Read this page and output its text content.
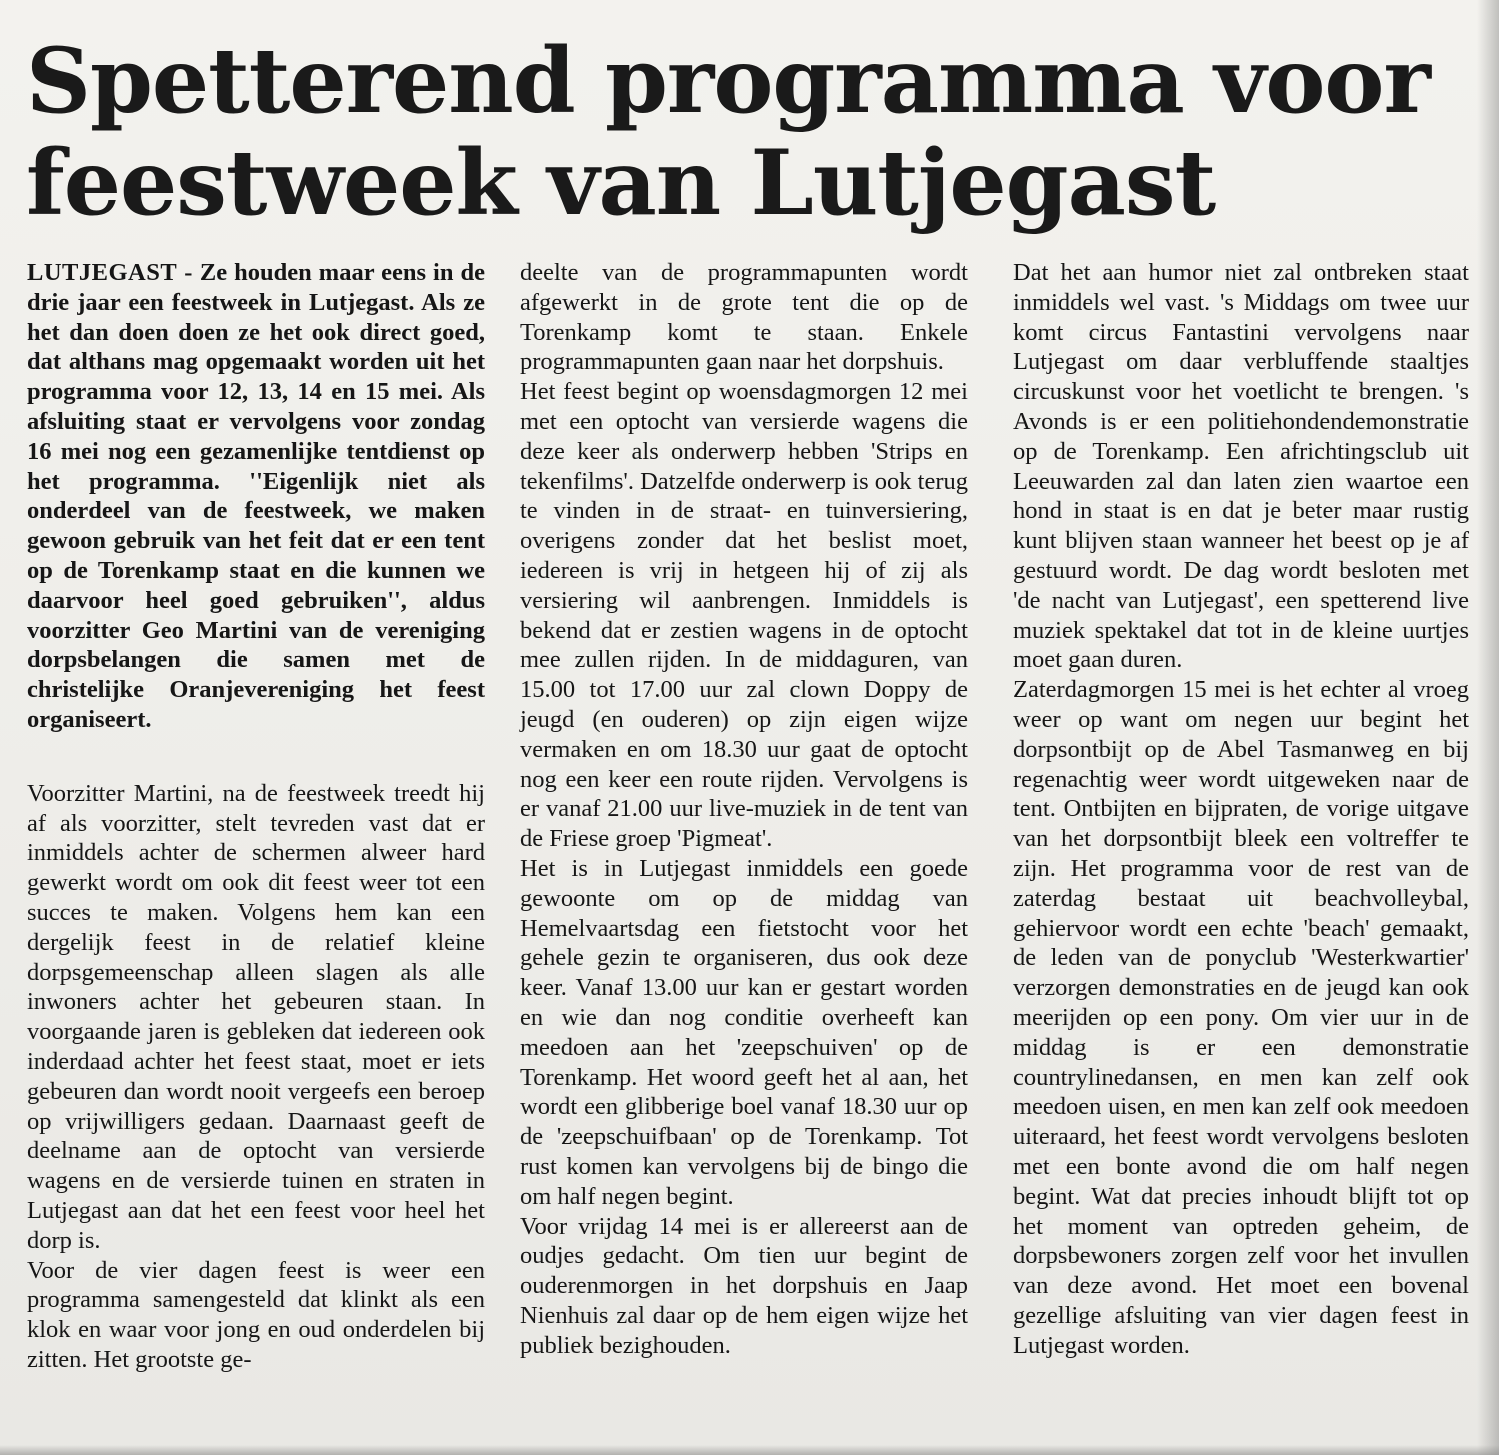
Spetterend programma voor
feestweek van Lutjegast

LUTJEGAST - Ze houden maar eens in de drie jaar een feestweek in Lutjegast. Als ze het dan doen doen ze het ook direct goed, dat althans mag opgemaakt worden uit het programma voor 12, 13, 14 en 15 mei. Als afsluiting staat er vervolgens voor zondag 16 mei nog een gezamenlijke tentdienst op het programma. ''Eigenlijk niet als onderdeel van de feestweek, we maken gewoon gebruik van het feit dat er een tent op de Torenkamp staat en die kunnen we daarvoor heel goed gebruiken'', aldus voorzitter Geo Martini van de vereniging dorpsbelangen die samen met de christelijke Oranjevereniging het feest organiseert.

Voorzitter Martini, na de feestweek treedt hij af als voorzitter, stelt tevreden vast dat er inmiddels achter de schermen alweer hard gewerkt wordt om ook dit feest weer tot een succes te maken. Volgens hem kan een dergelijk feest in de relatief kleine dorpsgemeenschap alleen slagen als alle inwoners achter het gebeuren staan. In voorgaande jaren is gebleken dat iedereen ook inderdaad achter het feest staat, moet er iets gebeuren dan wordt nooit vergeefs een beroep op vrijwilligers gedaan. Daarnaast geeft de deelname aan de optocht van versierde wagens en de versierde tuinen en straten in Lutjegast aan dat het een feest voor heel het dorp is.

Voor de vier dagen feest is weer een programma samengesteld dat klinkt als een klok en waar voor jong en oud onderdelen bij zitten. Het grootste ge-

deelte van de programmapunten wordt afgewerkt in de grote tent die op de Torenkamp komt te staan. Enkele programmapunten gaan naar het dorpshuis.

Het feest begint op woensdagmorgen 12 mei met een optocht van versierde wagens die deze keer als onderwerp hebben 'Strips en tekenfilms'. Datzelfde onderwerp is ook terug te vinden in de straat- en tuinversiering, overigens zonder dat het beslist moet, iedereen is vrij in hetgeen hij of zij als versiering wil aanbrengen. Inmiddels is bekend dat er zestien wagens in de optocht mee zullen rijden. In de middaguren, van 15.00 tot 17.00 uur zal clown Doppy de jeugd (en ouderen) op zijn eigen wijze vermaken en om 18.30 uur gaat de optocht nog een keer een route rijden. Vervolgens is er vanaf 21.00 uur live-muziek in de tent van de Friese groep 'Pigmeat'.

Het is in Lutjegast inmiddels een goede gewoonte om op de middag van Hemelvaartsdag een fietstocht voor het gehele gezin te organiseren, dus ook deze keer. Vanaf 13.00 uur kan er gestart worden en wie dan nog conditie overheeft kan meedoen aan het 'zeepschuiven' op de Torenkamp. Het woord geeft het al aan, het wordt een glibberige boel vanaf 18.30 uur op de 'zeepschuifbaan' op de Torenkamp. Tot rust komen kan vervolgens bij de bingo die om half negen begint.

Voor vrijdag 14 mei is er allereerst aan de oudjes gedacht. Om tien uur begint de ouderenmorgen in het dorpshuis en Jaap Nienhuis zal daar op de hem eigen wijze het publiek bezighouden.

Dat het aan humor niet zal ontbreken staat inmiddels wel vast. 's Middags om twee uur komt circus Fantastini vervolgens naar Lutjegast om daar verbluffende staaltjes circuskunst voor het voetlicht te brengen. 's Avonds is er een politiehondendemonstratie op de Torenkamp. Een africhtingsclub uit Leeuwarden zal dan laten zien waartoe een hond in staat is en dat je beter maar rustig kunt blijven staan wanneer het beest op je af gestuurd wordt. De dag wordt besloten met 'de nacht van Lutjegast', een spetterend live muziek spektakel dat tot in de kleine uurtjes moet gaan duren.

Zaterdagmorgen 15 mei is het echter al vroeg weer op want om negen uur begint het dorpsontbijt op de Abel Tasmanweg en bij regenachtig weer wordt uitgeweken naar de tent. Ontbijten en bijpraten, de vorige uitgave van het dorpsontbijt bleek een voltreffer te zijn. Het programma voor de rest van de zaterdag bestaat uit beachvolleybal, gehiervoor wordt een echte 'beach' gemaakt, de leden van de ponyclub 'Westerkwartier' verzorgen demonstraties en de jeugd kan ook meerijden op een pony. Om vier uur in de middag is er een demonstratie countrylinedansen, en men kan zelf ook meedoen uisen, en men kan zelf ook meedoen uiteraard, het feest wordt vervolgens besloten met een bonte avond die om half negen begint. Wat dat precies inhoudt blijft tot op het moment van optreden geheim, de dorpsbewoners zorgen zelf voor het invullen van deze avond. Het moet een bovenal gezellige afsluiting van vier dagen feest in Lutjegast worden.
